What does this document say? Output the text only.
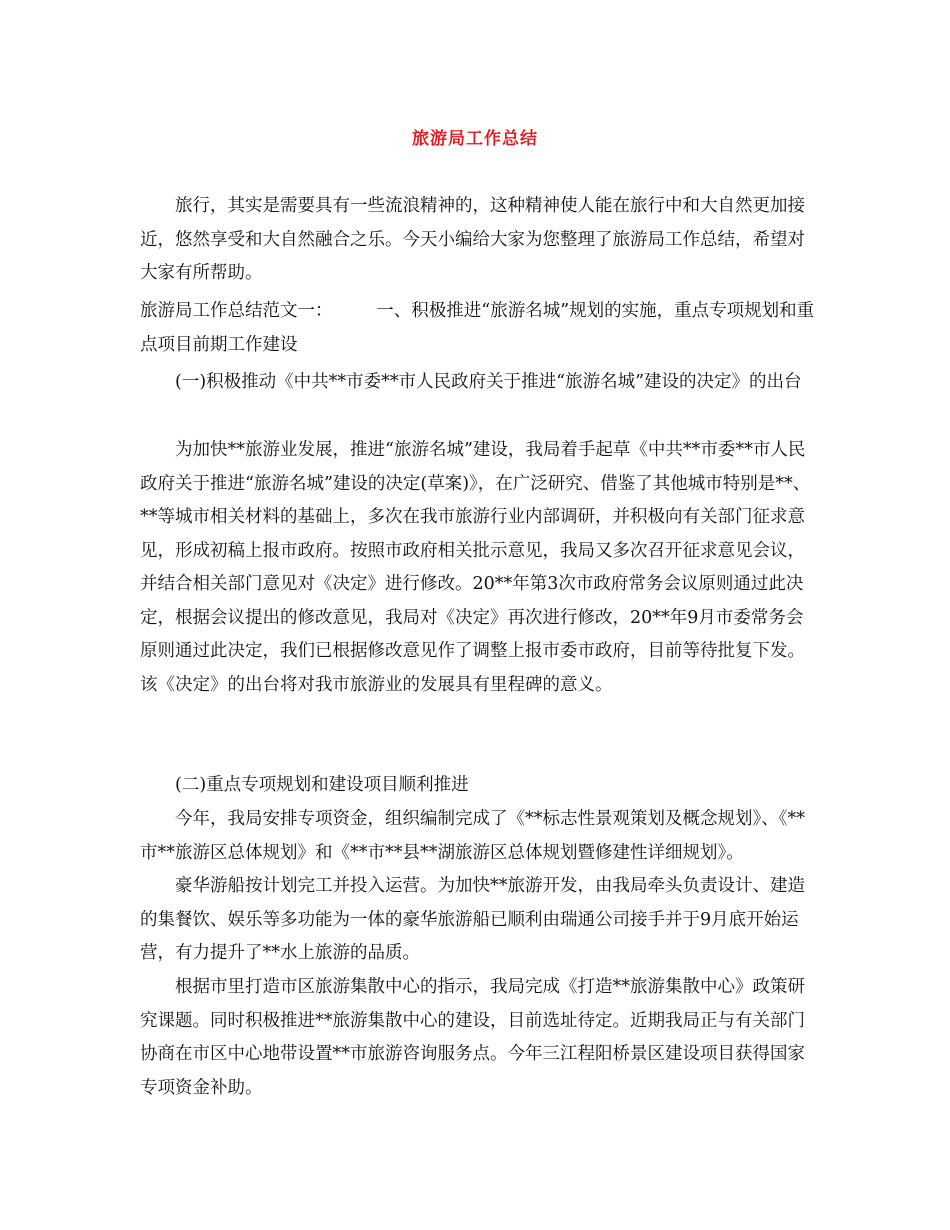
旅游局工作总结

旅行，其实是需要具有一些流浪精神的，这种精神使人能在旅行中和大自然更加接近，悠然享受和大自然融合之乐。今天小编给大家为您整理了旅游局工作总结，希望对大家有所帮助。

旅游局工作总结范文一：　　　一、积极推进“旅游名城”规划的实施，重点专项规划和重点项目前期工作建设

(一)积极推动《中共**市委**市人民政府关于推进“旅游名城”建设的决定》的出台

为加快**旅游业发展，推进“旅游名城”建设，我局着手起草《中共**市委**市人民政府关于推进“旅游名城”建设的决定(草案)》，在广泛研究、借鉴了其他城市特别是**、**等城市相关材料的基础上，多次在我市旅游行业内部调研，并积极向有关部门征求意见，形成初稿上报市政府。按照市政府相关批示意见，我局又多次召开征求意见会议，并结合相关部门意见对《决定》进行修改。20**年第3次市政府常务会议原则通过此决定，根据会议提出的修改意见，我局对《决定》再次进行修改，20**年9月市委常务会原则通过此决定，我们已根据修改意见作了调整上报市委市政府，目前等待批复下发。该《决定》的出台将对我市旅游业的发展具有里程碑的意义。

(二)重点专项规划和建设项目顺利推进

今年，我局安排专项资金，组织编制完成了《**标志性景观策划及概念规划》、《**市**旅游区总体规划》和《**市**县**湖旅游区总体规划暨修建性详细规划》。

豪华游船按计划完工并投入运营。为加快**旅游开发，由我局牵头负责设计、建造的集餐饮、娱乐等多功能为一体的豪华旅游船已顺利由瑞通公司接手并于9月底开始运营，有力提升了**水上旅游的品质。

根据市里打造市区旅游集散中心的指示，我局完成《打造**旅游集散中心》政策研究课题。同时积极推进**旅游集散中心的建设，目前选址待定。近期我局正与有关部门协商在市区中心地带设置**市旅游咨询服务点。今年三江程阳桥景区建设项目获得国家专项资金补助。
